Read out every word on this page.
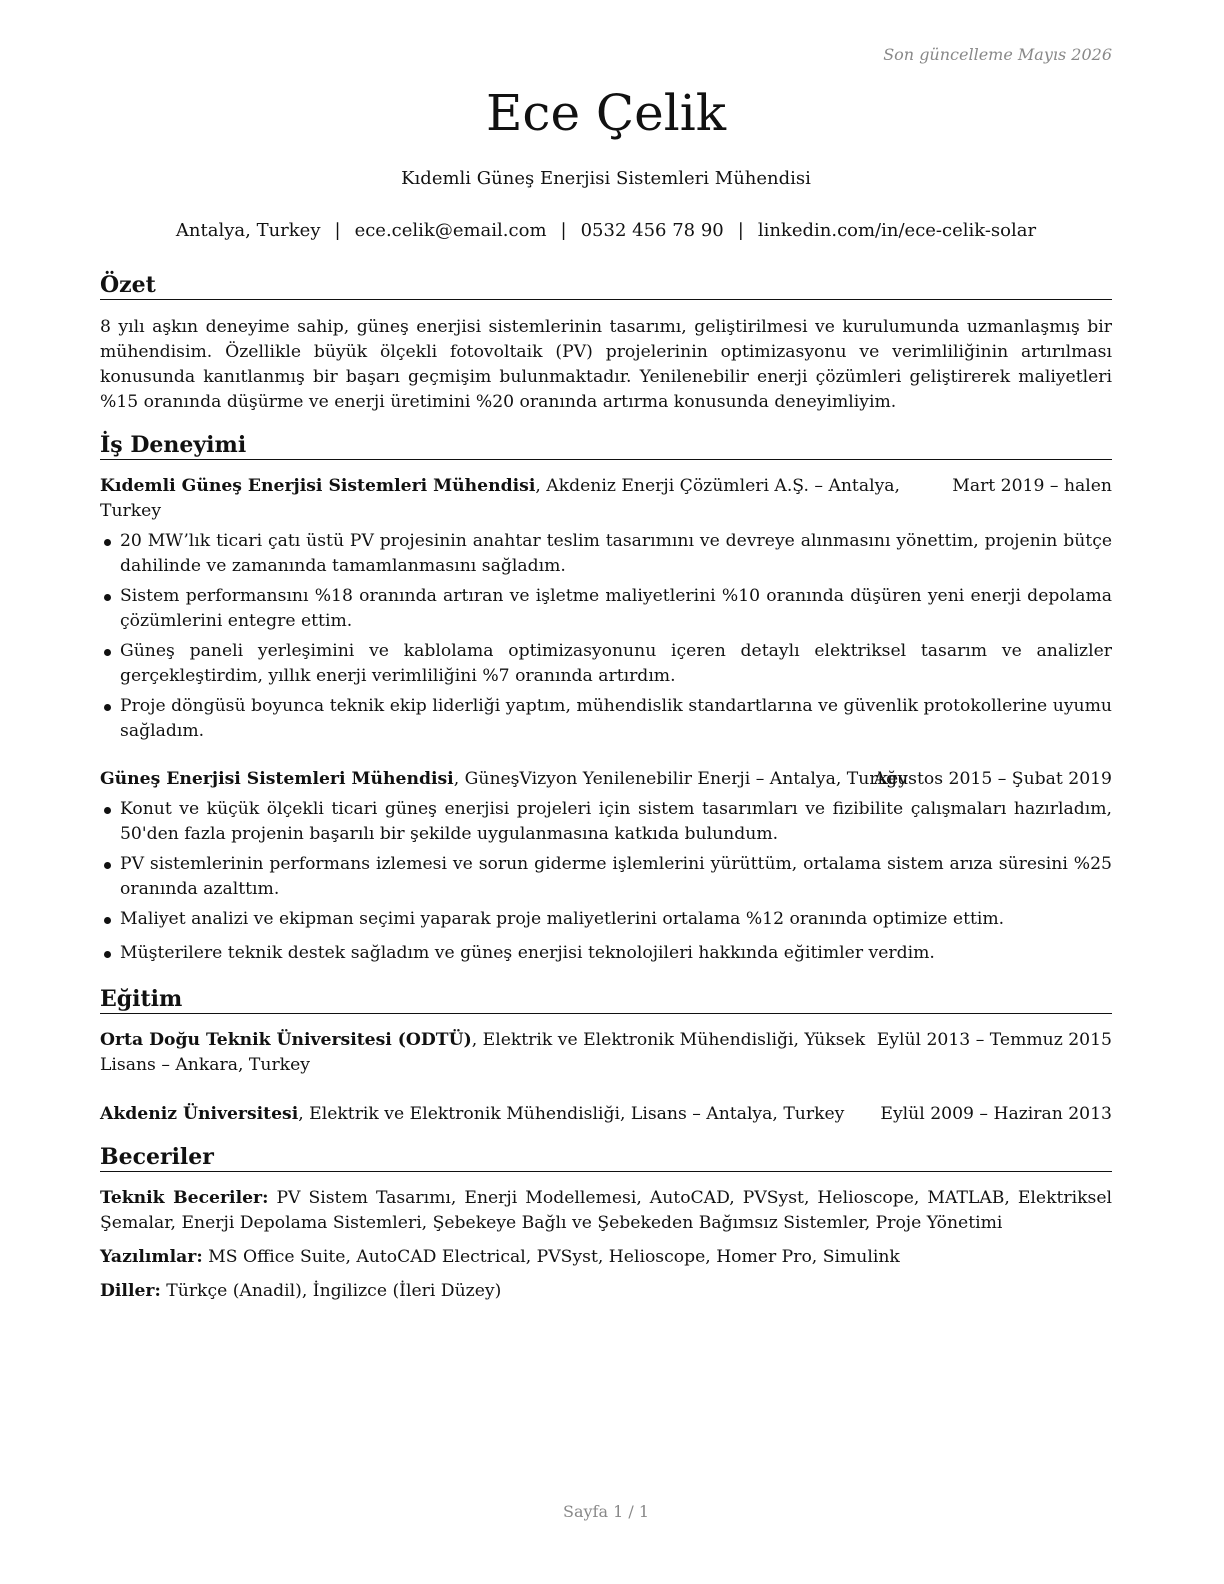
Son güncelleme Mayıs 2026
Ece Çelik
Kıdemli Güneş Enerjisi Sistemleri Mühendisi
Antalya, Turkey | ece.celik@email.com | 0532 456 78 90 | linkedin.com/in/ece-celik-solar
Özet

8 yılı aşkın deneyime sahip, güneş enerjisi sistemlerinin tasarımı, geliştirilmesi ve kurulumunda uzmanlaşmış bir mühendisim. Özellikle büyük ölçekli fotovoltaik (PV) projelerinin optimizasyonu ve verimliliğinin artırılması konusunda kanıtlanmış bir başarı geçmişim bulunmaktadır. Yenilenebilir enerji çözümleri geliştirerek maliyetleri %15 oranında düşürme ve enerji üretimini %20 oranında artırma konusunda deneyimliyim.

İş Deneyimi
Kıdemli Güneş Enerjisi Sistemleri Mühendisi, Akdeniz Enerji Çözümleri A.Ş. – Antalya, Turkey
Mart 2019 – halen
20 MW’lık ticari çatı üstü PV projesinin anahtar teslim tasarımını ve devreye alınmasını yönettim, projenin bütçe dahilinde ve zamanında tamamlanmasını sağladım.
Sistem performansını %18 oranında artıran ve işletme maliyetlerini %10 oranında düşüren yeni enerji depolama çözümlerini entegre ettim.
Güneş paneli yerleşimini ve kablolama optimizasyonunu içeren detaylı elektriksel tasarım ve analizler gerçekleştirdim, yıllık enerji verimliliğini %7 oranında artırdım.
Proje döngüsü boyunca teknik ekip liderliği yaptım, mühendislik standartlarına ve güvenlik protokollerine uyumu sağladım.
Güneş Enerjisi Sistemleri Mühendisi, GüneşVizyon Yenilenebilir Enerji – Antalya, Turkey
Ağustos 2015 – Şubat 2019
Konut ve küçük ölçekli ticari güneş enerjisi projeleri için sistem tasarımları ve fizibilite çalışmaları hazırladım, 50'den fazla projenin başarılı bir şekilde uygulanmasına katkıda bulundum.
PV sistemlerinin performans izlemesi ve sorun giderme işlemlerini yürüttüm, ortalama sistem arıza süresini %25 oranında azalttım.
Maliyet analizi ve ekipman seçimi yaparak proje maliyetlerini ortalama %12 oranında optimize ettim.
Müşterilere teknik destek sağladım ve güneş enerjisi teknolojileri hakkında eğitimler verdim.
Eğitim
Orta Doğu Teknik Üniversitesi (ODTÜ), Elektrik ve Elektronik Mühendisliği, Yüksek Eylül 2013 – Temmuz 2015
Lisans – Ankara, Turkey
Akdeniz Üniversitesi, Elektrik ve Elektronik Mühendisliği, Lisans – Antalya, Turkey Eylül 2009 – Haziran 2013
Beceriler

Teknik Beceriler: PV Sistem Tasarımı, Enerji Modellemesi, AutoCAD, PVSyst, Helioscope, MATLAB, Elektriksel Şemalar, Enerji Depolama Sistemleri, Şebekeye Bağlı ve Şebekeden Bağımsız Sistemler, Proje Yönetimi

Yazılımlar: MS Office Suite, AutoCAD Electrical, PVSyst, Helioscope, Homer Pro, Simulink

Diller: Türkçe (Anadil), İngilizce (İleri Düzey)

Sayfa 1 / 1
